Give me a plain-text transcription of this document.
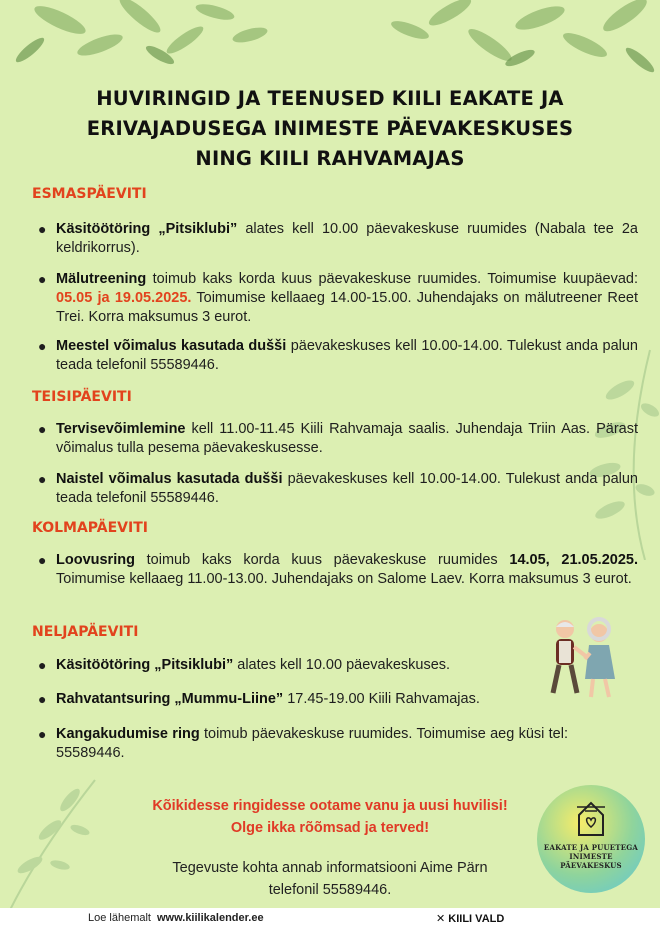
HUVIRINGID JA TEENUSED KIILI EAKATE JA
ERIVAJADUSEGA INIMESTE PÄEVAKESKUSES
NING KIILI RAHVAMAJAS
ESMASPÄEVITI
● Käsitöötöring „Pitsiklubi” alates kell 10.00 päevakeskuse ruumides (Nabala tee 2a keldrikorrus).
● Mälutreening toimub kaks korda kuus päevakeskuse ruumides. Toimumise kuupäevad: 05.05 ja 19.05.2025. Toimumise kellaaeg 14.00-15.00. Juhendajaks on mälutreener Reet Trei. Korra maksumus 3 eurot.
● Meestel võimalus kasutada dušši päevakeskuses kell 10.00-14.00. Tulekust anda palun teada telefonil 55589446.
TEISIPÄEVITI
● Tervisevõimlemine kell 11.00-11.45 Kiili Rahvamaja saalis. Juhendaja Triin Aas. Pärast võimalus tulla pesema päevakeskusesse.
● Naistel võimalus kasutada dušši päevakeskuses kell 10.00-14.00. Tulekust anda palun teada telefonil 55589446.
KOLMAPÄEVITI
● Loovusring toimub kaks korda kuus päevakeskuse ruumides 14.05, 21.05.2025. Toimumise kellaaeg 11.00-13.00. Juhendajaks on Salome Laev. Korra maksumus 3 eurot.
NELJAPÄEVITI
● Käsitöötöring „Pitsiklubi” alates kell 10.00 päevakeskuses.
● Rahvatantsuring „Mummu-Liine” 17.45-19.00 Kiili Rahvamajas.
● Kangakudumise ring toimub päevakeskuse ruumides. Toimumise aeg küsi tel: 55589446.
Kõikidesse ringidesse ootame vanu ja uusi huvilisi!
Olge ikka rõõmsad ja terved!
Tegevuste kohta annab informatsiooni Aime Pärn
telefonil 55589446.
EAKATE JA PUUETEGA
INIMESTE
PÄEVAKESKUS
Loe lähemalt www.kiilikalender.ee	✕ KIILI VALD
